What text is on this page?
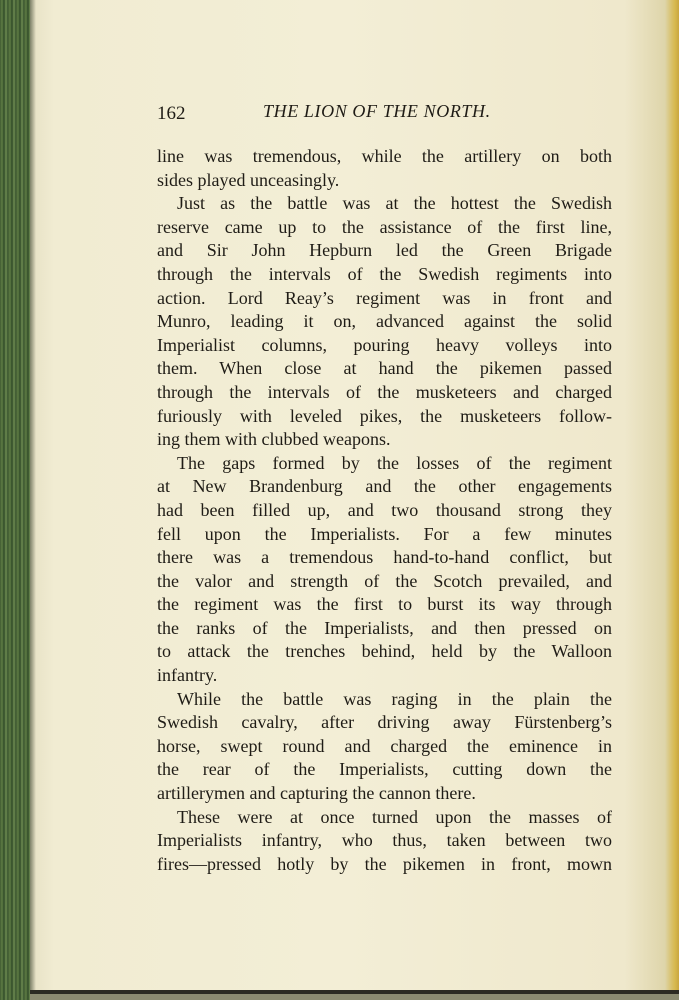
162	THE LION OF THE NORTH.
line was tremendous, while the artillery on both
sides played unceasingly.
Just as the battle was at the hottest the Swedish
reserve came up to the assistance of the first line,
and Sir John Hepburn led the Green Brigade
through the intervals of the Swedish regiments into
action. Lord Reay’s regiment was in front and
Munro, leading it on, advanced against the solid
Imperialist columns, pouring heavy volleys into
them. When close at hand the pikemen passed
through the intervals of the musketeers and charged
furiously with leveled pikes, the musketeers follow-
ing them with clubbed weapons.
The gaps formed by the losses of the regiment
at New Brandenburg and the other engagements
had been filled up, and two thousand strong they
fell upon the Imperialists. For a few minutes
there was a tremendous hand-to-hand conflict, but
the valor and strength of the Scotch prevailed, and
the regiment was the first to burst its way through
the ranks of the Imperialists, and then pressed on
to attack the trenches behind, held by the Walloon
infantry.
While the battle was raging in the plain the
Swedish cavalry, after driving away Fürstenberg’s
horse, swept round and charged the eminence in
the rear of the Imperialists, cutting down the
artillerymen and capturing the cannon there.
These were at once turned upon the masses of
Imperialists infantry, who thus, taken between two
fires—pressed hotly by the pikemen in front, mown
